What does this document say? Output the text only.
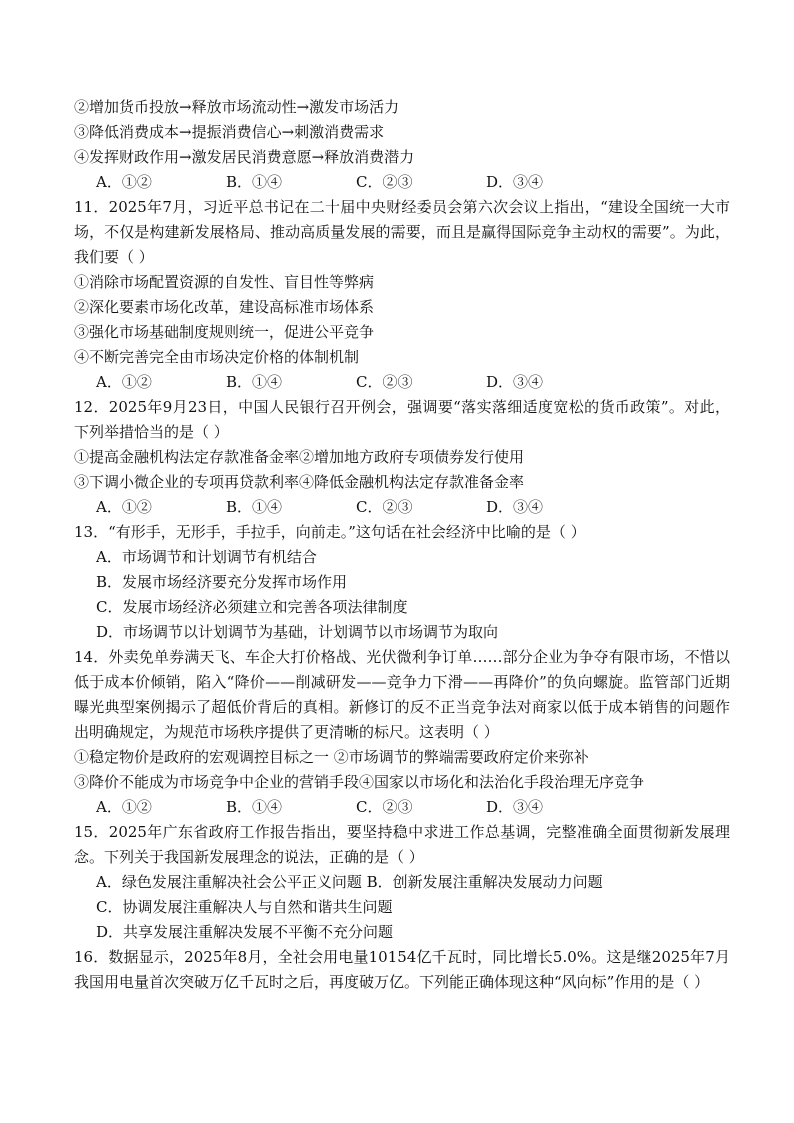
②增加货币投放→释放市场流动性→激发市场活力
③降低消费成本→提振消费信心→刺激消费需求
④发挥财政作用→激发居民消费意愿→释放消费潜力
A．①②	B．①④	C．②③	D．③④
11．2025年7月，习近平总书记在二十届中央财经委员会第六次会议上指出，“建设全国统一大市场，不仅是构建新发展格局、推动高质量发展的需要，而且是赢得国际竞争主动权的需要”。为此，我们要（ ）
①消除市场配置资源的自发性、盲目性等弊病
②深化要素市场化改革，建设高标准市场体系
③强化市场基础制度规则统一，促进公平竞争
④不断完善完全由市场决定价格的体制机制
A．①②	B．①④	C．②③	D．③④
12．2025年9月23日，中国人民银行召开例会，强调要“落实落细适度宽松的货币政策”。对此，下列举措恰当的是（ ）
①提高金融机构法定存款准备金率②增加地方政府专项债券发行使用
③下调小微企业的专项再贷款利率④降低金融机构法定存款准备金率
A．①②	B．①④	C．②③	D．③④
13．“有形手，无形手，手拉手，向前走。”这句话在社会经济中比喻的是（ ）
A．市场调节和计划调节有机结合
B．发展市场经济要充分发挥市场作用
C．发展市场经济必须建立和完善各项法律制度
D．市场调节以计划调节为基础，计划调节以市场调节为取向
14．外卖免单券满天飞、车企大打价格战、光伏微利争订单……部分企业为争夺有限市场，不惜以低于成本价倾销，陷入“降价——削减研发——竞争力下滑——再降价”的负向螺旋。监管部门近期曝光典型案例揭示了超低价背后的真相。新修订的反不正当竞争法对商家以低于成本销售的问题作出明确规定，为规范市场秩序提供了更清晰的标尺。这表明（ ）
①稳定物价是政府的宏观调控目标之一 ②市场调节的弊端需要政府定价来弥补
③降价不能成为市场竞争中企业的营销手段④国家以市场化和法治化手段治理无序竞争
A．①②	B．①④	C．②③	D．③④
15．2025年广东省政府工作报告指出，要坚持稳中求进工作总基调，完整准确全面贯彻新发展理念。下列关于我国新发展理念的说法，正确的是（ ）
A．绿色发展注重解决社会公平正义问题 B．创新发展注重解决发展动力问题
C．协调发展注重解决人与自然和谐共生问题
D．共享发展注重解决发展不平衡不充分问题
16．数据显示，2025年8月，全社会用电量10154亿千瓦时，同比增长5.0%。这是继2025年7月我国用电量首次突破万亿千瓦时之后，再度破万亿。下列能正确体现这种“风向标”作用的是（ ）
